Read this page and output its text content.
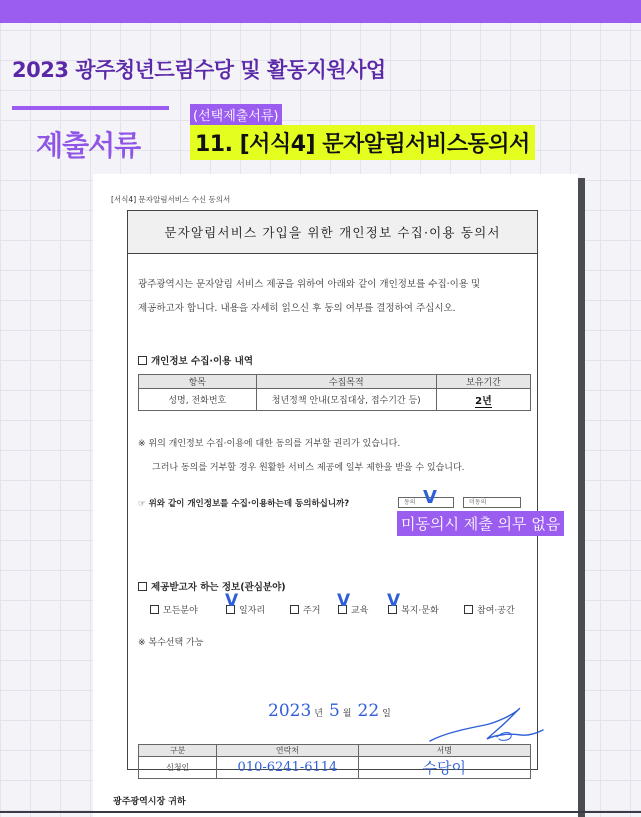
2023 광주청년드림수당 및 활동지원사업
제출서류
(선택제출서류)
11. [서식4] 문자알림서비스동의서
[서식4] 문자알림서비스 수신 동의서
문자알림서비스 가입을 위한 개인정보 수집·이용 동의서
광주광역시는 문자알림 서비스 제공을 위하여 아래와 같이 개인정보를 수집·이용 및
제공하고자 합니다. 내용을 자세히 읽으신 후 동의 여부를 결정하여 주십시오.
개인정보 수집·이용 내역
항목	수집목적	보유기간
성명, 전화번호	청년정책 안내(모집대상, 접수기간 등)	2년
※ 위의 개인정보 수집·이용에 대한 동의를 거부할 권리가 있습니다.
그러나 동의를 거부할 경우 원활한 서비스 제공에 일부 제한을 받을 수 있습니다.
☞ 위와 같이 개인정보를 수집·이용하는데 동의하십니까?	동의 V	미동의
제공받고자 하는 정보(관심분야)
모든분야	일자리	주거	교육	복지·문화	참여·공간
V	V V
※ 복수선택 가능
2023 년 5 월 22 일
구분	연락처	서명
신청인	010-6241-6114	수당이
광주광역시장 귀하
미동의시 제출 의무 없음
